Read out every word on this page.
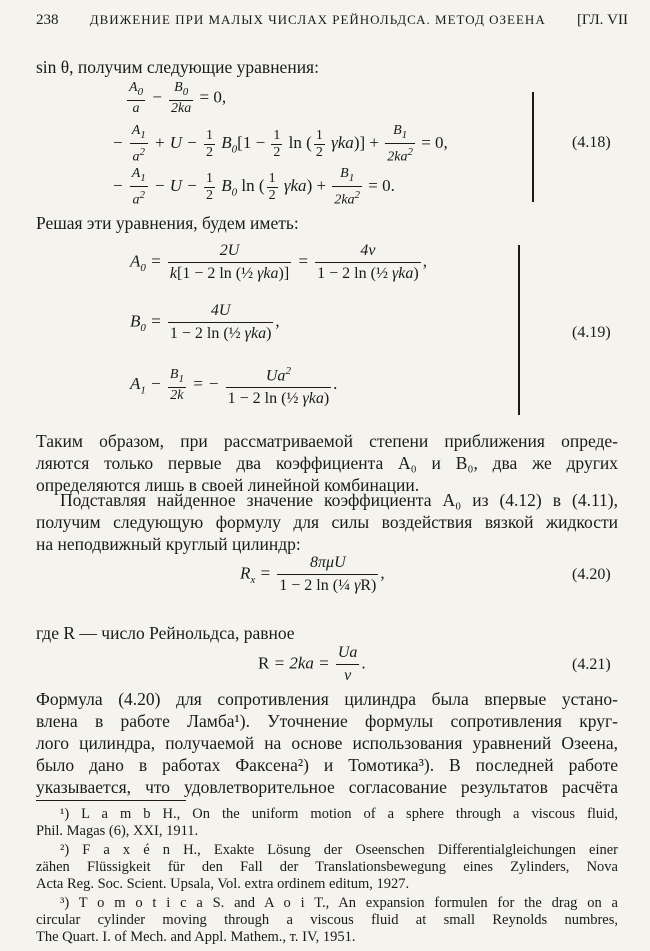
238 ДВИЖЕНИЕ ПРИ МАЛЫХ ЧИСЛАХ РЕЙНОЛЬДСА. МЕТОД ОЗЕЕНА [ГЛ. VII
sin θ, получим следующие уравнения:
$\frac{A_0}{a} - \frac{B_0}{2ka} = 0$,
− $\frac{A_1}{a^2} + U - \frac{1}{2} B_0[1 - \frac{1}{2}$ ln ( $\frac{1}{2} \gamma ka)] + \frac{B_1}{2ka^2} = 0$,
− $\frac{A_1}{a^2} - U - \frac{1}{2} B_0$ ln ( $\frac{1}{2} \gamma ka) + \frac{B_1}{2ka^2} = 0$.
(4.18)
Решая эти уравнения, будем иметь:
$A_0$ =
2U
k[1 − 2 ln (½ γka)]
=
4ν
1 − 2 ln (½ γka)
,
$B_0$ =
4U
1 − 2 ln (½ γka)
,
$A_1 - \frac{B_1}{2k}$ = −	$Ua^2$
1 − 2 ln (½ γka)
.
(4.19)
Таким образом, при рассматриваемой степени приближения опреде-
ляются только первые два коэффициента A₀ и B₀, два же других
определяются лишь в своей линейной комбинации.
Подставляя найденное значение коэффициента A₀ из (4.12) в (4.11),
получим следующую формулу для силы воздействия вязкой жидкости
на неподвижный круглый цилиндр:
$R_x$ =
8πμU
1 − 2 ln (¼ γR)
,	(4.20)
где R — число Рейнольдса, равное
$R = 2ka = \frac{Ua}{\nu}$ .	(4.21)
Формула (4.20) для сопротивления цилиндра была впервые устано-
влена в работе Ламба¹). Уточнение формулы сопротивления круг-
лого цилиндра, получаемой на основе использования уравнений Озеена,
было дано в работах Факсена²) и Томотика³). В последней работе
указывается, что удовлетворительное согласование результатов расчёта
¹) L a m b H., On the uniform motion of a sphere through a viscous fluid,
Phil. Magas (6), XXI, 1911.
²) F a x é n H., Exakte Lösung der Oseenschen Differentialgleichungen einer
zähen Flüssigkeit für den Fall der Translationsbewegung eines Zylinders, Nova
Acta Reg. Soc. Scient. Upsala, Vol. extra ordinem editum, 1927.
³) T o m o t i c a S. and A o i T., An expansion formulen for the drag on a
circular cylinder moving through a viscous fluid at small Reynolds numbres,
The Quart. I. of Mech. and Appl. Mathem., т. IV, 1951.
